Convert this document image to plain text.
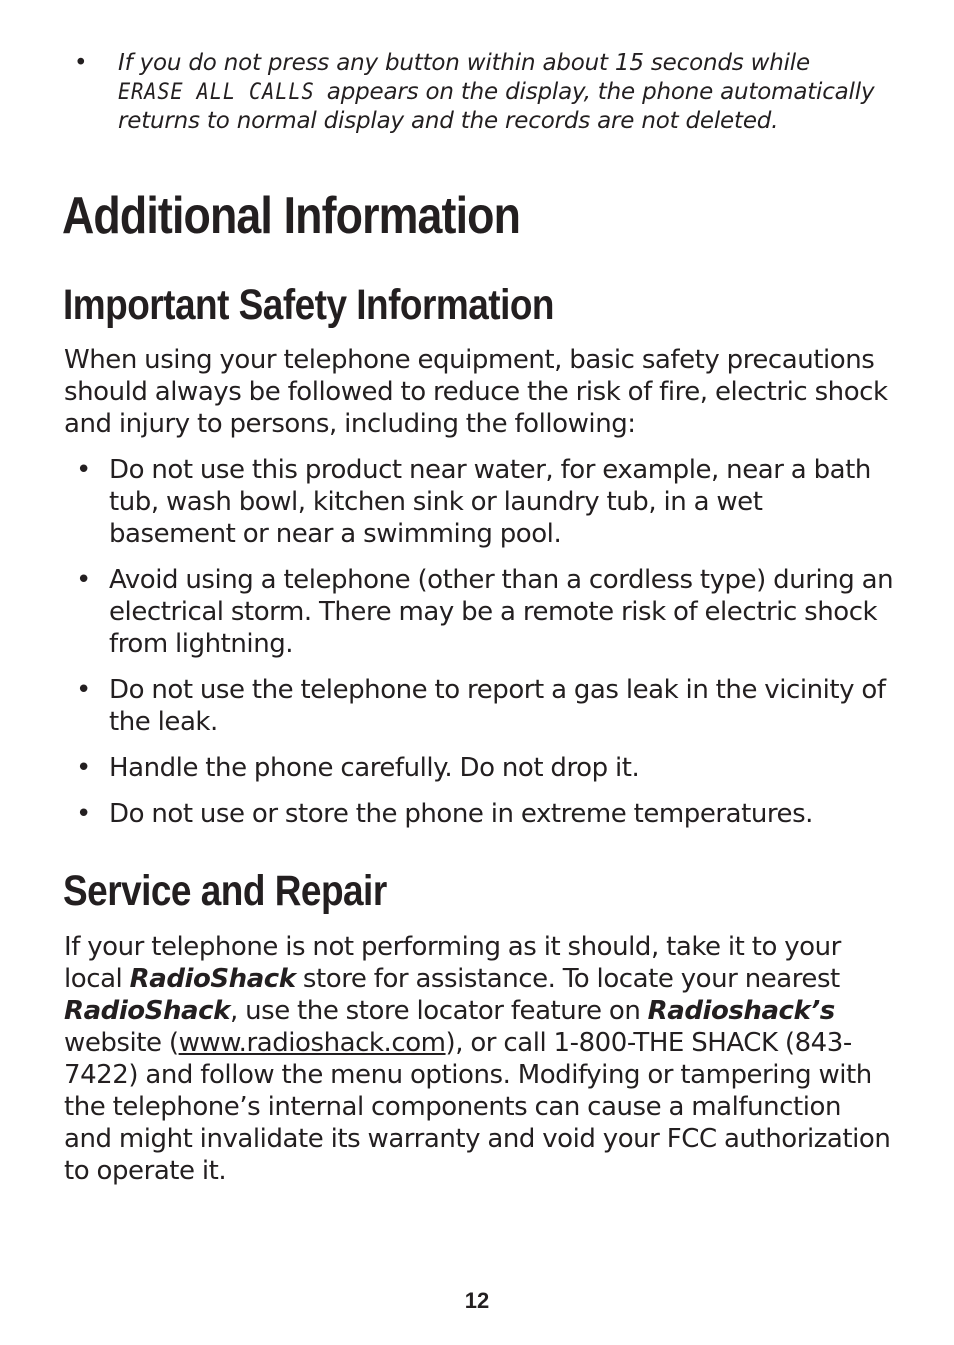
•	If you do not press any button within about 15 seconds while
ERASE ALL CALLS appears on the display, the phone automatically returns to normal display and the records are not deleted.
Additional Information
Important Safety Information

When using your telephone equipment, basic safety precautions should always be followed to reduce the risk of fire, electric shock and injury to persons, including the following:

• Do not use this product near water, for example, near a bath tub, wash bowl, kitchen sink or laundry tub, in a wet basement or near a swimming pool.
• Avoid using a telephone (other than a cordless type) during an electrical storm. There may be a remote risk of electric shock from lightning.
• Do not use the telephone to report a gas leak in the vicinity of the leak.
• Handle the phone carefully. Do not drop it.
• Do not use or store the phone in extreme temperatures.
Service and Repair

If your telephone is not performing as it should, take it to your local RadioShack store for assistance. To locate your nearest RadioShack, use the store locator feature on Radioshack’s website (www.radioshack.com), or call 1-800-THE SHACK (843-7422) and follow the menu options. Modifying or tampering with the telephone’s internal components can cause a malfunction and might invalidate its warranty and void your FCC authorization to operate it.

12
